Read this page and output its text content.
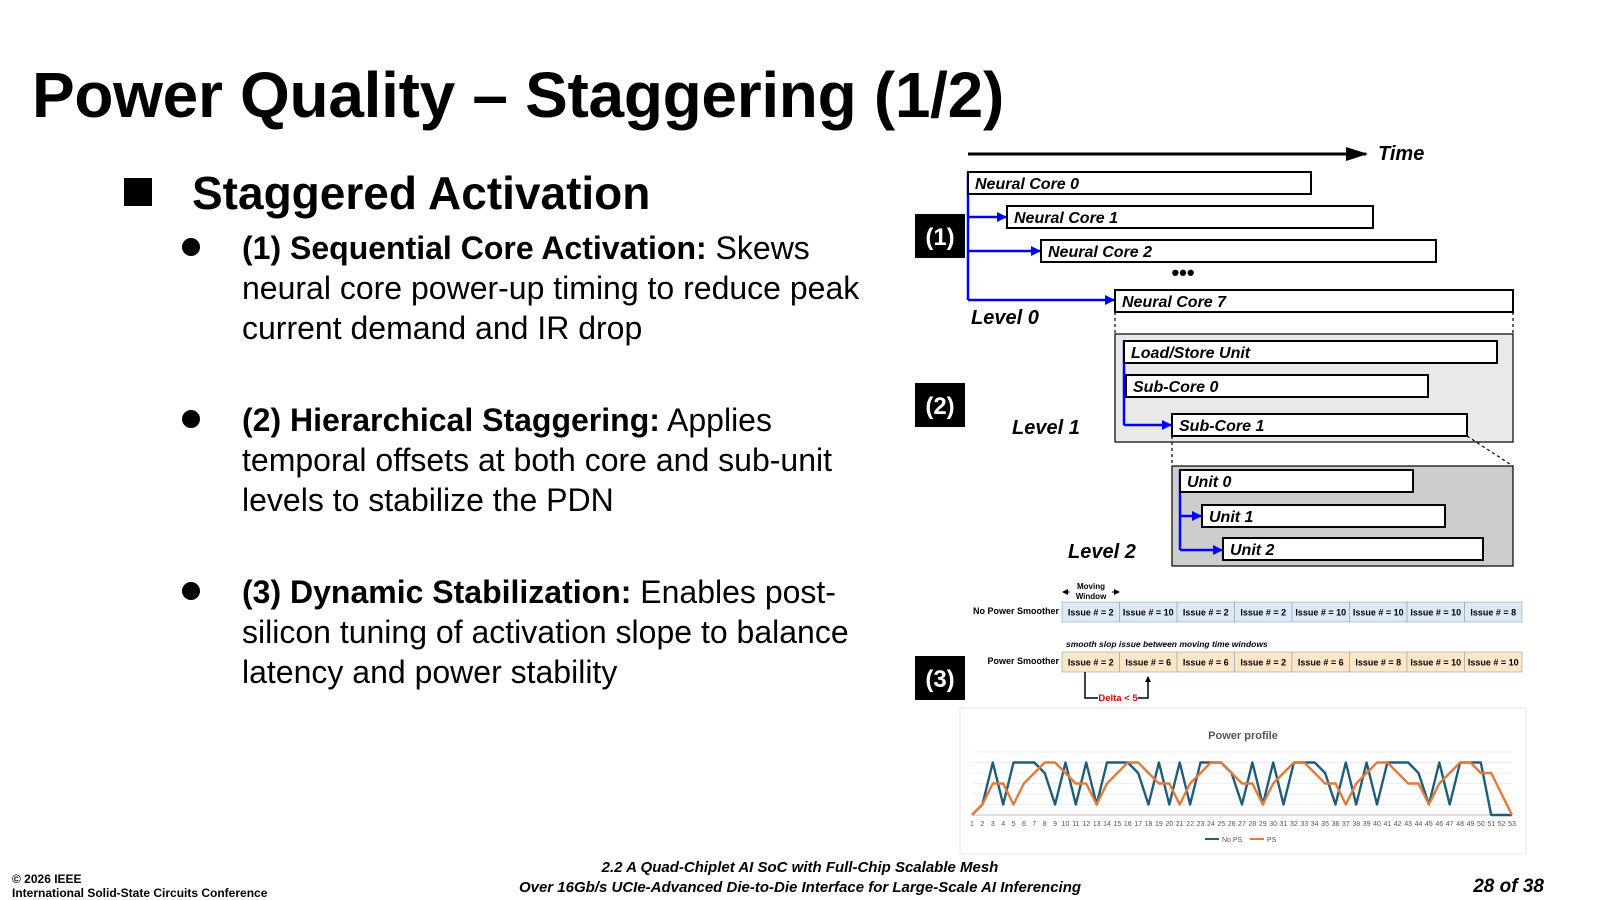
Power Quality – Staggering (1/2)
Staggered Activation
(1) Sequential Core Activation: Skews neural core power-up timing to reduce peak current demand and IR drop
(2) Hierarchical Staggering: Applies temporal offsets at both core and sub-unit levels to stabilize the PDN
(3) Dynamic Stabilization: Enables post-silicon tuning of activation slope to balance latency and power stability
Time
(1)
(2)
(3)
Neural Core 0
Neural Core 1
Neural Core 2
•••
Neural Core 7
Level 0
Load/Store Unit
Sub-Core 0
Sub-Core 1
Level 1
Unit 0
Unit 1
Unit 2
Level 2
Moving
Window
No Power Smoother Issue # = 2 Issue # = 10 Issue # = 2 Issue # = 2 Issue # = 10 Issue # = 10 Issue # = 10 Issue # = 8
smooth slop issue between moving time windows
Power Smoother Issue # = 2 Issue # = 6 Issue # = 6 Issue # = 2 Issue # = 6 Issue # = 8 Issue # = 10 Issue # = 10
Delta < 5
Power profile
1 2 3 4 5 6 7 8 9 10 11 12 13 14 15 16 17 18 19 20 21 22 23 24 25 26 27 28 29 30 31 32 33 34 35 36 37 38 39 40 41 42 43 44 45 46 47 48 49 50 51 52 53
No PS	PS
© 2026 IEEE
International Solid-State Circuits Conference
2.2 A Quad-Chiplet AI SoC with Full-Chip Scalable Mesh
Over 16Gb/s UCIe-Advanced Die-to-Die Interface for Large-Scale AI Inferencing	28 of 38
